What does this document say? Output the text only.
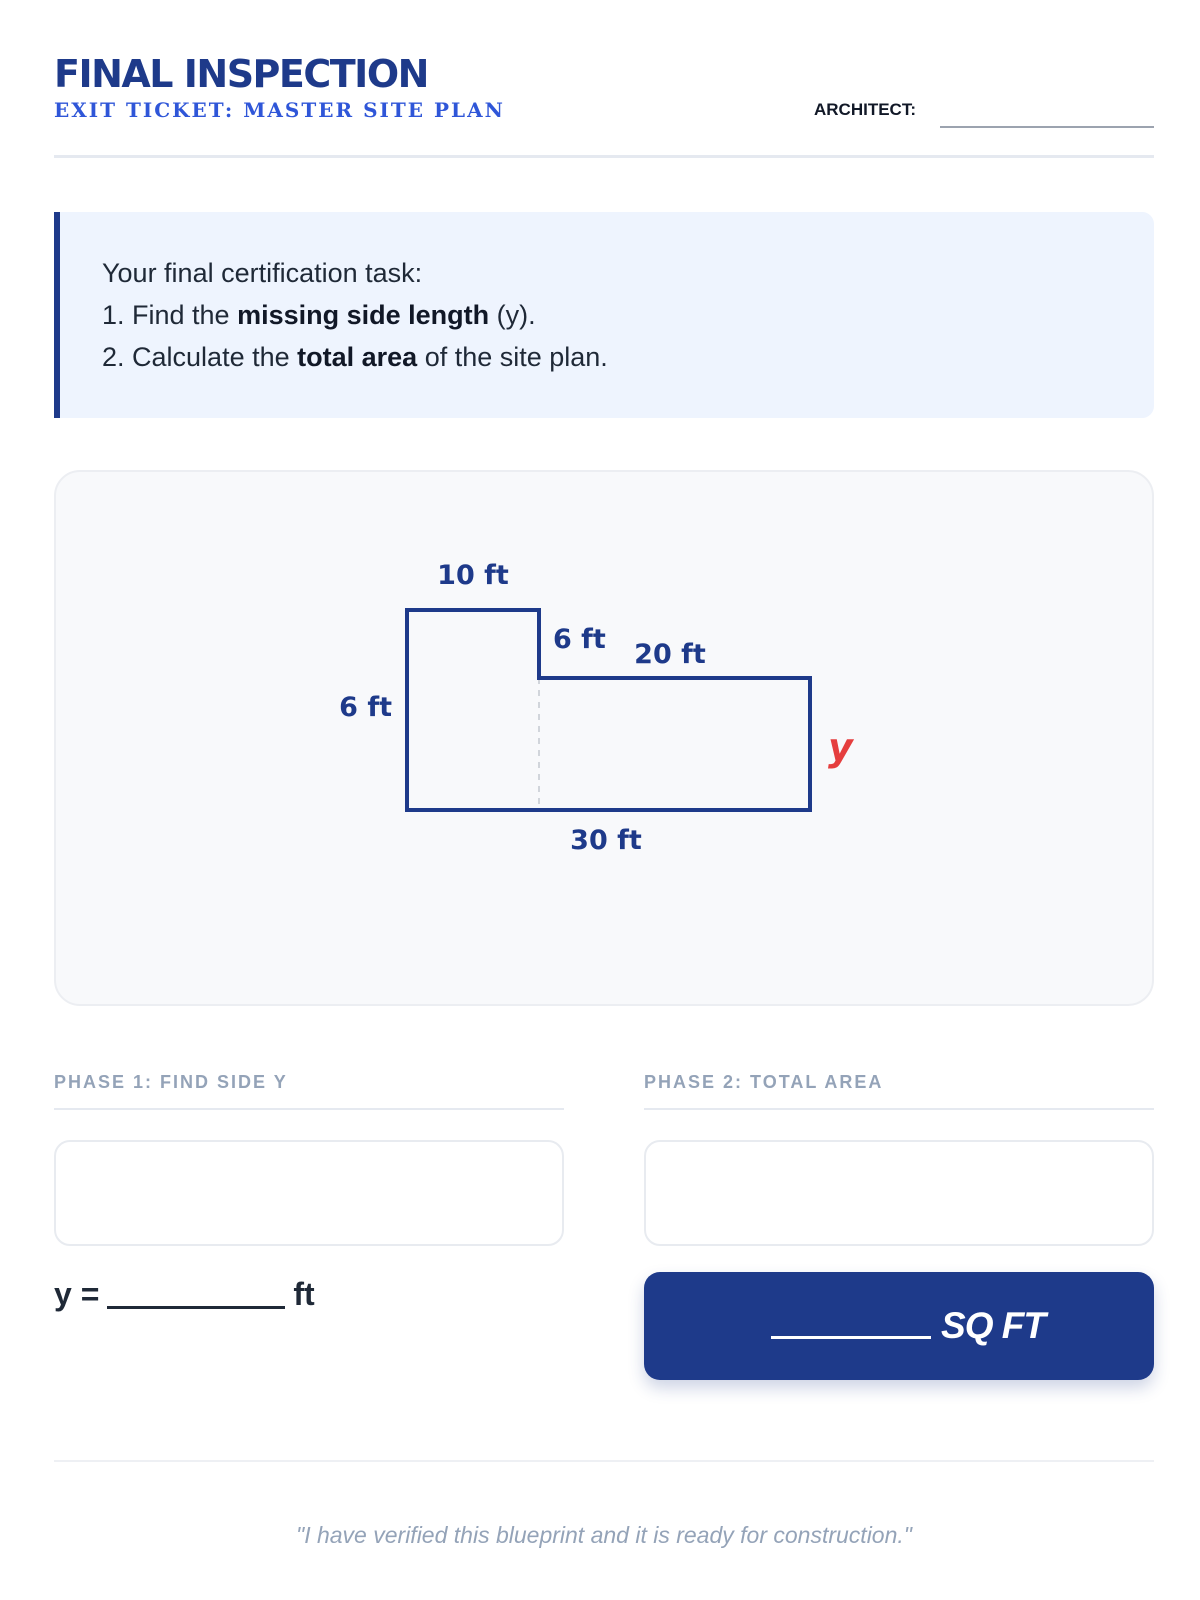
FINAL INSPECTION
EXIT TICKET: MASTER SITE PLAN	ARCHITECT:
Your final certification task:
1. Find the missing side length (y).
2. Calculate the total area of the site plan.
10 ft
6 ft 20 ft
6 ft
y
30 ft
PHASE 1: FIND SIDE Y	PHASE 2: TOTAL AREA
y =	ft
SQ FT
"I have verified this blueprint and it is ready for construction."
